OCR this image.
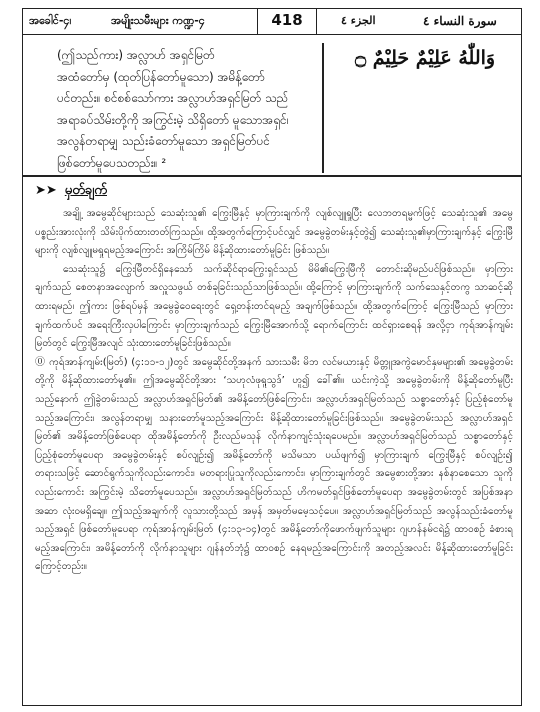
အခေါင်-၄၊	အမျိုးသမီးများ ကဏ္ဍ-၄	418	الجزء ٤	سورة النساء ٤

(ဤသည်ကား) အလ္လာဟ် အရှင်မြတ်

အထံတော်မှ (ထုတ်ပြန်တော်မူသော) အမိန့်တော်

ပင်တည်း။ စင်စစ်သော်ကား အလ္လာဟ်အရှင်မြတ် သည်

အရာခပ်သိမ်းတို့ကို အကြွင်းမဲ့ သိရှိတော် မူသောအရှင်၊

အလွန်တရာမျှ သည်းခံတော်မူသော အရှင်မြတ်ပင်

ဖြစ်တော်မူပေသတည်း။ ²

وَاللّٰهُ عَلِيْمٌ حَلِيْمٌ ۝
➤➤ မှတ်ချက်

အချို့ အမွေဆိုင်များသည် သေဆုံးသူ၏ ကြွေးမြီနှင့် မှာကြားချက်ကို လျစ်လျူရှုပြီး လေဘတရမ္မက်ဖြင့် သေဆုံးသူ၏ အမွေပစ္စည်းအားလုံးကို သိမ်းပိုက်ထားတတ်ကြသည်။ ထို့အတွက်ကြောင့်ပင်လျှင် အမွေခွဲတမ်းနှင့်တွဲ၍ သေဆုံးသူ၏မှာကြားချက်နှင့် ကြွေးမြီများကို လျစ်လျူမရှုရမည့်အကြောင်း အကြိမ်ကြိမ် မိန့်ဆိုထားတော်မူခြင်း ဖြစ်သည်။

သေဆုံးသူ၌ ကြွေးမြီတင်ရှိနေသော် သက်ဆိုင်ရာကြွေးရှင်သည် မိမိ၏ကြွေးမြီကို တောင်းဆိုမည်ပင်ဖြစ်သည်။ မှာကြားချက်သည် စေတနာအလျောက် အလှူသဖွယ် တစ်ခုခြင်းသည်သာဖြစ်သည်။ ထို့ကြောင့် မှာကြားချက်ကို သက်သေနှင့်တကွ သာဆင့်ဆိုထားရမည်၊ ဤကား ဖြစ်ရပ်မှန် အမွေခွဲဝေရေးတွင် ရှေ့တန်းတင်ရမည့် အချက်ဖြစ်သည်။ ထို့အတွက်ကြောင့် ကြွေးမြီသည် မှာကြား ချက်ထက်ပင် အရေးကြီးလှပါကြောင်း မှာကြားချက်သည် ကြွေးမြီအောက်သို့ ရောက်ကြောင်း ထင်ရှားစေရန် အလို့ငှာ ကုရ်အာန်ကျမ်းမြတ်တွင် ကြွေးမြီအလျင် သုံးထားတော်မူခြင်းဖြစ်သည်။

⓪ ကုရ်အာန်ကျမ်း(မြတ်) (၄:၁၁-၁၂)တွင် အမွေဆိုင်တို့အနက် သားသမီး မိဘ လင်မယားနှင့် မိတ္တူအကွဲမောင်နှမများ၏ အမွေခွဲတမ်းတို့ကို မိန့်ဆိုထားတော်မူ၏။ ဤအမွေဆိုင်တို့အား ‘သဟုလံဖုရူသွဒ်’ ဟူ၍ ခေါ်၏။ ယင်းကဲ့သို့ အမွေခွဲတမ်းကို မိန့်ဆိုတော်မူပြီးသည့်နောက် ဤခွဲတမ်းသည် အလ္လာဟ်အရှင်မြတ်၏ အမိန့်တော်ဖြစ်ကြောင်း၊ အလ္လာဟ်အရှင်မြတ်သည် သစ္စာတော်နှင့် ပြည့်စုံတော်မူသည့်အကြောင်း၊ အလွန်တရာမျှ သနားတော်မူသည့်အကြောင်း မိန့်ဆိုထားတော်မူခြင်းဖြစ်သည်။ အမွေခွဲတမ်းသည် အလ္လာဟ်အရှင်မြတ်၏ အမိန့်တော်ဖြစ်ပေရာ ထိုအမိန့်တော်ကို ဦးလည်မသုန် လိုက်နာကျင့်သုံးရပေမည်။ အလ္လာဟ်အရှင်မြတ်သည် သစ္စာတော်နှင့်ပြည့်စုံတော်မူပေရာ အမွေခွဲတမ်းနှင့် စပ်လျဉ်း၍ အမိန့်တော်ကို မသိမသာ ပယ်ဖျက်၍ မှာကြားချက် ကြွေးမြီနှင့် စပ်လျဉ်း၍ တရားသဖြင့် ဆောင်ရွက်သူကိုလည်းကောင်း၊ မတရားပြုသူကိုလည်းကောင်း၊ မှာကြားချက်တွင် အမွေစားတို့အား နစ်နာစေသော သူကိုလည်းကောင်း အကြွင်းမဲ့ သိတော်မူပေသည်။ အလ္လာဟ်အရှင်မြတ်သည် ဟိကမတ်ရှင်ဖြစ်တော်မူပေရာ အမွေခွဲတမ်းတွင် အပြစ်အနာအဆာ လုံးဝမရှိချေ။ ဤသည့်အချက်ကို လူသားတို့သည် အမှန် အမှတ်မမေ့သင့်ပေ။ အလ္လာဟ်အရှင်မြတ်သည် အလွန်သည်းခံတော်မူသည့်အရှင် ဖြစ်တော်မူပေရာ ကုရ်အာန်ကျမ်းမြတ် (၄:၁၃-၁၄)တွင် အမိန့်တော်ကိုဖောက်ဖျက်သူများ ဂျဟန်နမ်ငရဲ၌ ထာဝစဉ် ခံစားရမည့်အကြောင်း၊ အမိန့်တော်ကို လိုက်နာသူများ ဂျန်နတ်ဘုံ၌ ထာဝစဉ် နေရမည့်အကြောင်းကို အတည့်အလင်း မိန့်ဆိုထားတော်မူခြင်းကြောင့်တည်း။
